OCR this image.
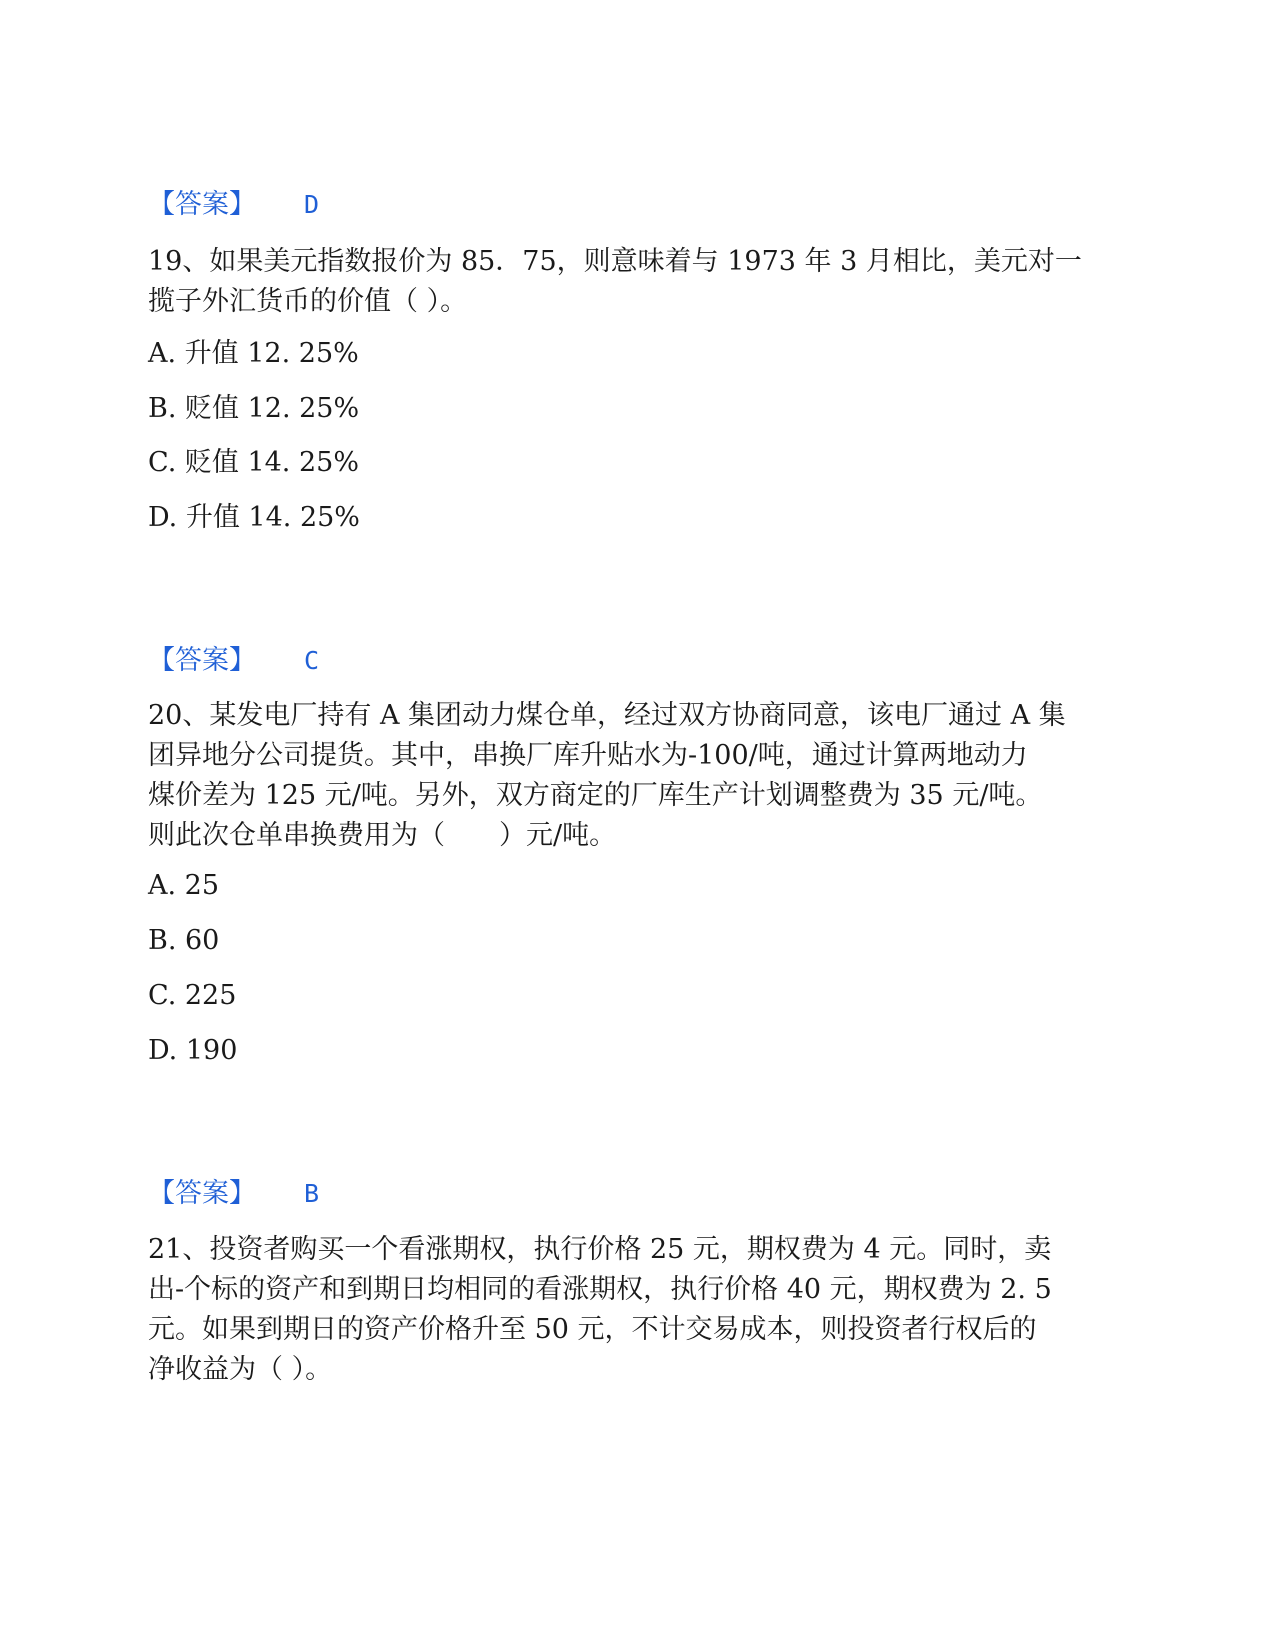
【答案】 D

19、如果美元指数报价为 85．75，则意味着与 1973 年 3 月相比，美元对一

揽子外汇货币的价值（ ）。

A. 升值 12. 25%
B. 贬值 12. 25%
C. 贬值 14. 25%
D. 升值 14. 25%
【答案】 C

20、某发电厂持有 A 集团动力煤仓单，经过双方协商同意，该电厂通过 A 集

团异地分公司提货。其中，串换厂库升贴水为-100/吨，通过计算两地动力

煤价差为 125 元/吨。另外，双方商定的厂库生产计划调整费为 35 元/吨。

则此次仓单串换费用为（　　）元/吨。

A. 25
B. 60
C. 225
D. 190
【答案】 B

21、投资者购买一个看涨期权，执行价格 25 元，期权费为 4 元。同时，卖

出-个标的资产和到期日均相同的看涨期权，执行价格 40 元，期权费为 2. 5

元。如果到期日的资产价格升至 50 元，不计交易成本，则投资者行权后的

净收益为（ ）。
